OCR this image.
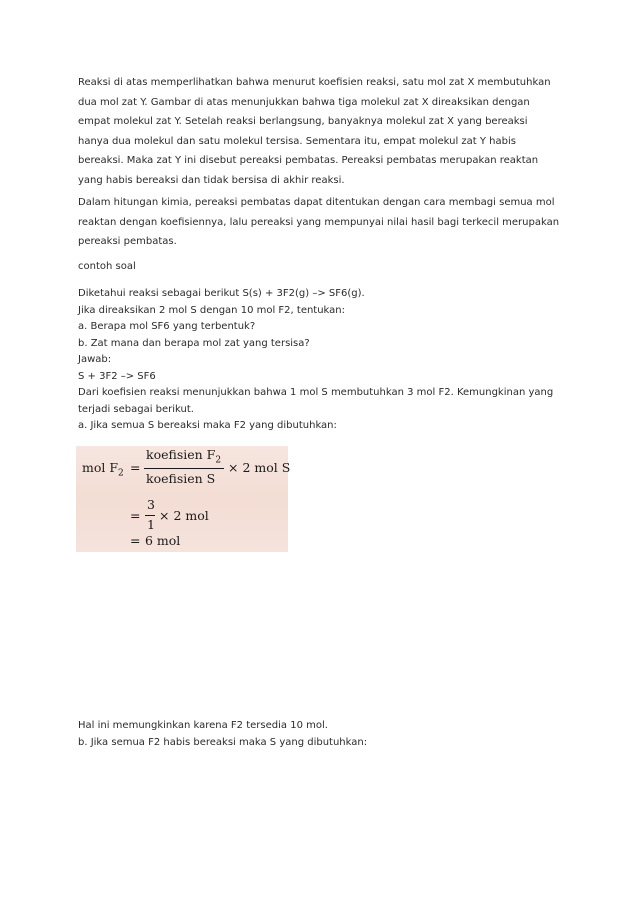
Reaksi di atas memperlihatkan bahwa menurut koefisien reaksi, satu mol zat X membutuhkan
dua mol zat Y. Gambar di atas menunjukkan bahwa tiga molekul zat X direaksikan dengan
empat molekul zat Y. Setelah reaksi berlangsung, banyaknya molekul zat X yang bereaksi
hanya dua molekul dan satu molekul tersisa. Sementara itu, empat molekul zat Y habis
bereaksi. Maka zat Y ini disebut pereaksi pembatas. Pereaksi pembatas merupakan reaktan
yang habis bereaksi dan tidak bersisa di akhir reaksi.
Dalam hitungan kimia, pereaksi pembatas dapat ditentukan dengan cara membagi semua mol
reaktan dengan koefisiennya, lalu pereaksi yang mempunyai nilai hasil bagi terkecil merupakan
pereaksi pembatas.
contoh soal
Diketahui reaksi sebagai berikut S(s) + 3F2(g) –> SF6(g).
Jika direaksikan 2 mol S dengan 10 mol F2, tentukan:
a. Berapa mol SF6 yang terbentuk?
b. Zat mana dan berapa mol zat yang tersisa?
Jawab:
S + 3F2 –> SF6
Dari koefisien reaksi menunjukkan bahwa 1 mol S membutuhkan 3 mol F2. Kemungkinan yang
terjadi sebagai berikut.
a. Jika semua S bereaksi maka F2 yang dibutuhkan:
mol $F_2$ =
koefisien $F_2$
koefisien S
× 2 mol S
=
3
1
× 2 mol
= 6 mol
Hal ini memungkinkan karena F2 tersedia 10 mol.
b. Jika semua F2 habis bereaksi maka S yang dibutuhkan:
